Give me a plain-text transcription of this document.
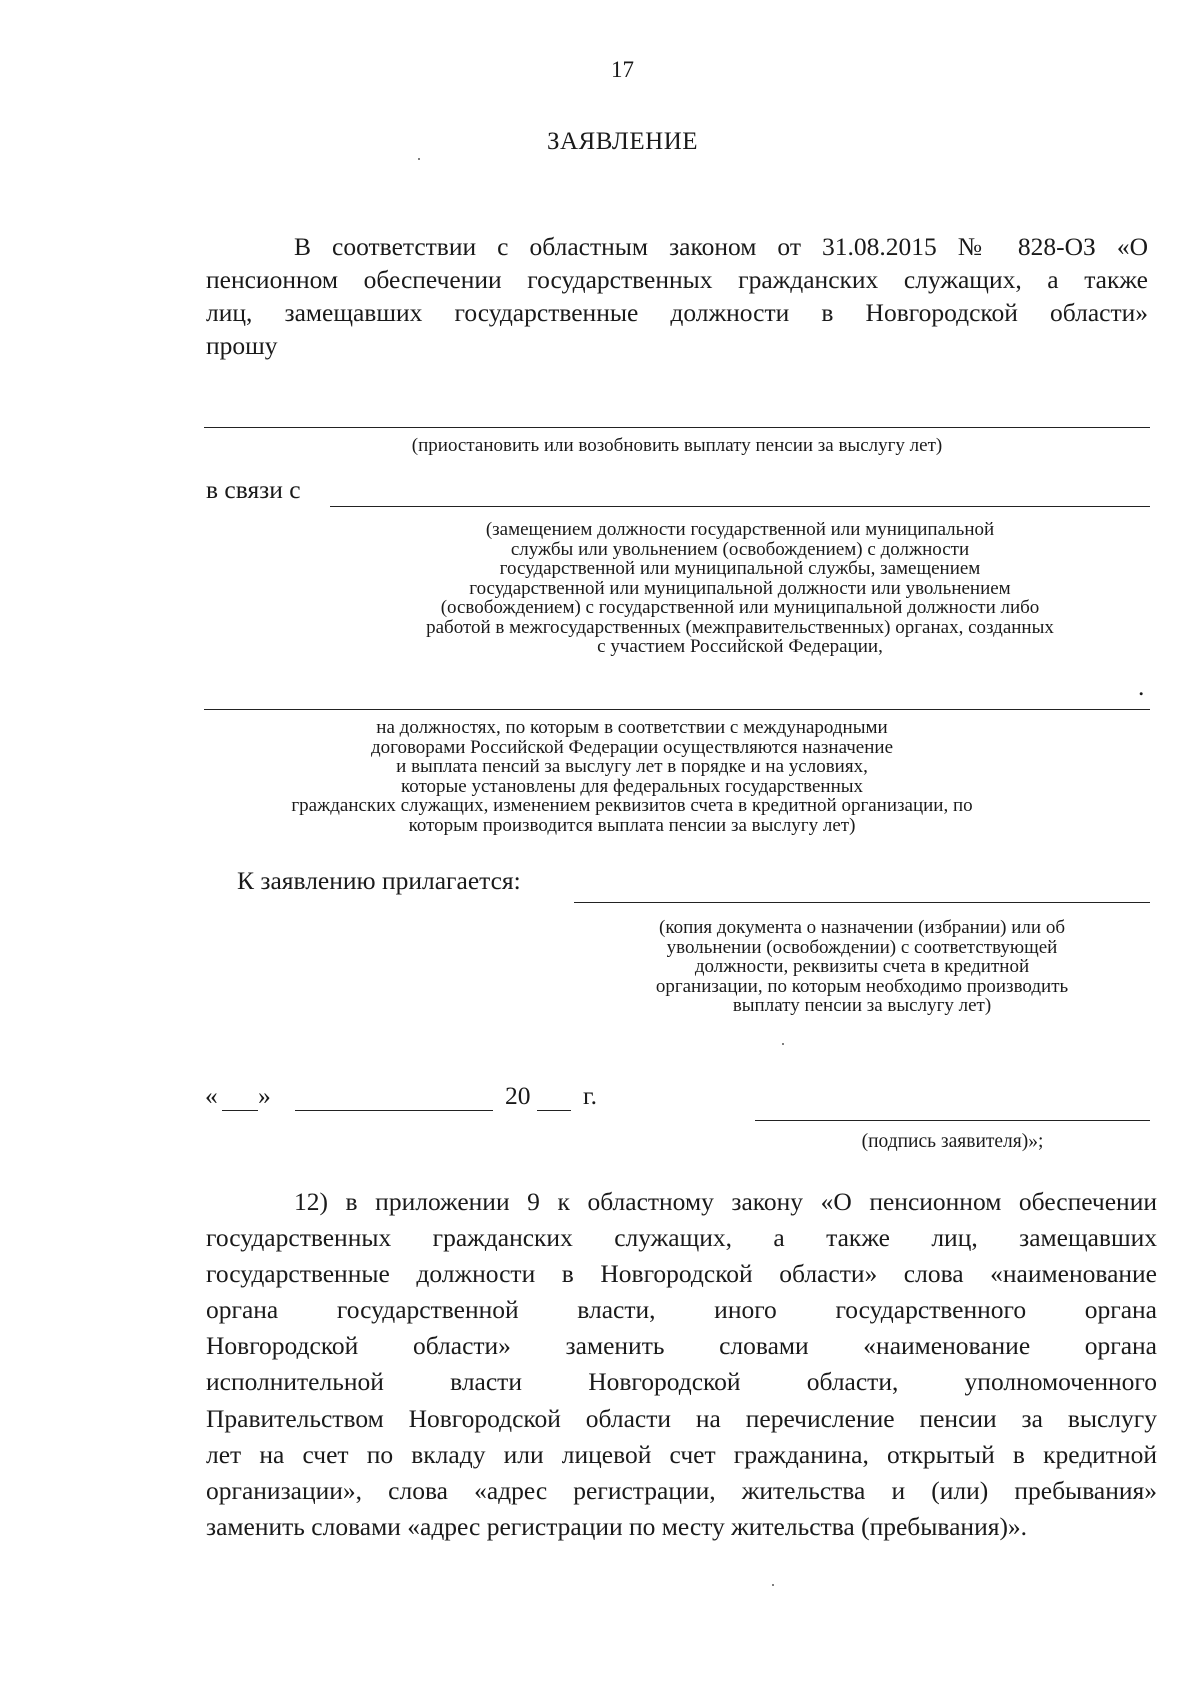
17
ЗАЯВЛЕНИЕ
В соответствии с областным законом от 31.08.2015 № 828-ОЗ «О
пенсионном обеспечении государственных гражданских служащих, а также
лиц, замещавших государственные должности в Новгородской области»
прошу
(приостановить или возобновить выплату пенсии за выслугу лет)
в связи с
(замещением должности государственной или муниципальной
службы или увольнением (освобождением) с должности
государственной или муниципальной службы, замещением
государственной или муниципальной должности или увольнением
(освобождением) с государственной или муниципальной должности либо
работой в межгосударственных (межправительственных) органах, созданных
с участием Российской Федерации,
.
на должностях, по которым в соответствии с международными
договорами Российской Федерации осуществляются назначение
и выплата пенсий за выслугу лет в порядке и на условиях,
которые установлены для федеральных государственных
гражданских служащих, изменением реквизитов счета в кредитной организации, по
которым производится выплата пенсии за выслугу лет)
К заявлению прилагается:
(копия документа о назначении (избрании) или об
увольнении (освобождении) с соответствующей
должности, реквизиты счета в кредитной
организации, по которым необходимо производить
выплату пенсии за выслугу лет)
« »	20 г.
(подпись заявителя)»;
12) в приложении 9 к областному закону «О пенсионном обеспечении
государственных гражданских служащих, а также лиц, замещавших
государственные должности в Новгородской области» слова «наименование
органа государственной власти, иного государственного органа
Новгородской области» заменить словами «наименование органа
исполнительной власти Новгородской области, уполномоченного
Правительством Новгородской области на перечисление пенсии за выслугу
лет на счет по вкладу или лицевой счет гражданина, открытый в кредитной
организации», слова «адрес регистрации, жительства и (или) пребывания»
заменить словами «адрес регистрации по месту жительства (пребывания)».
